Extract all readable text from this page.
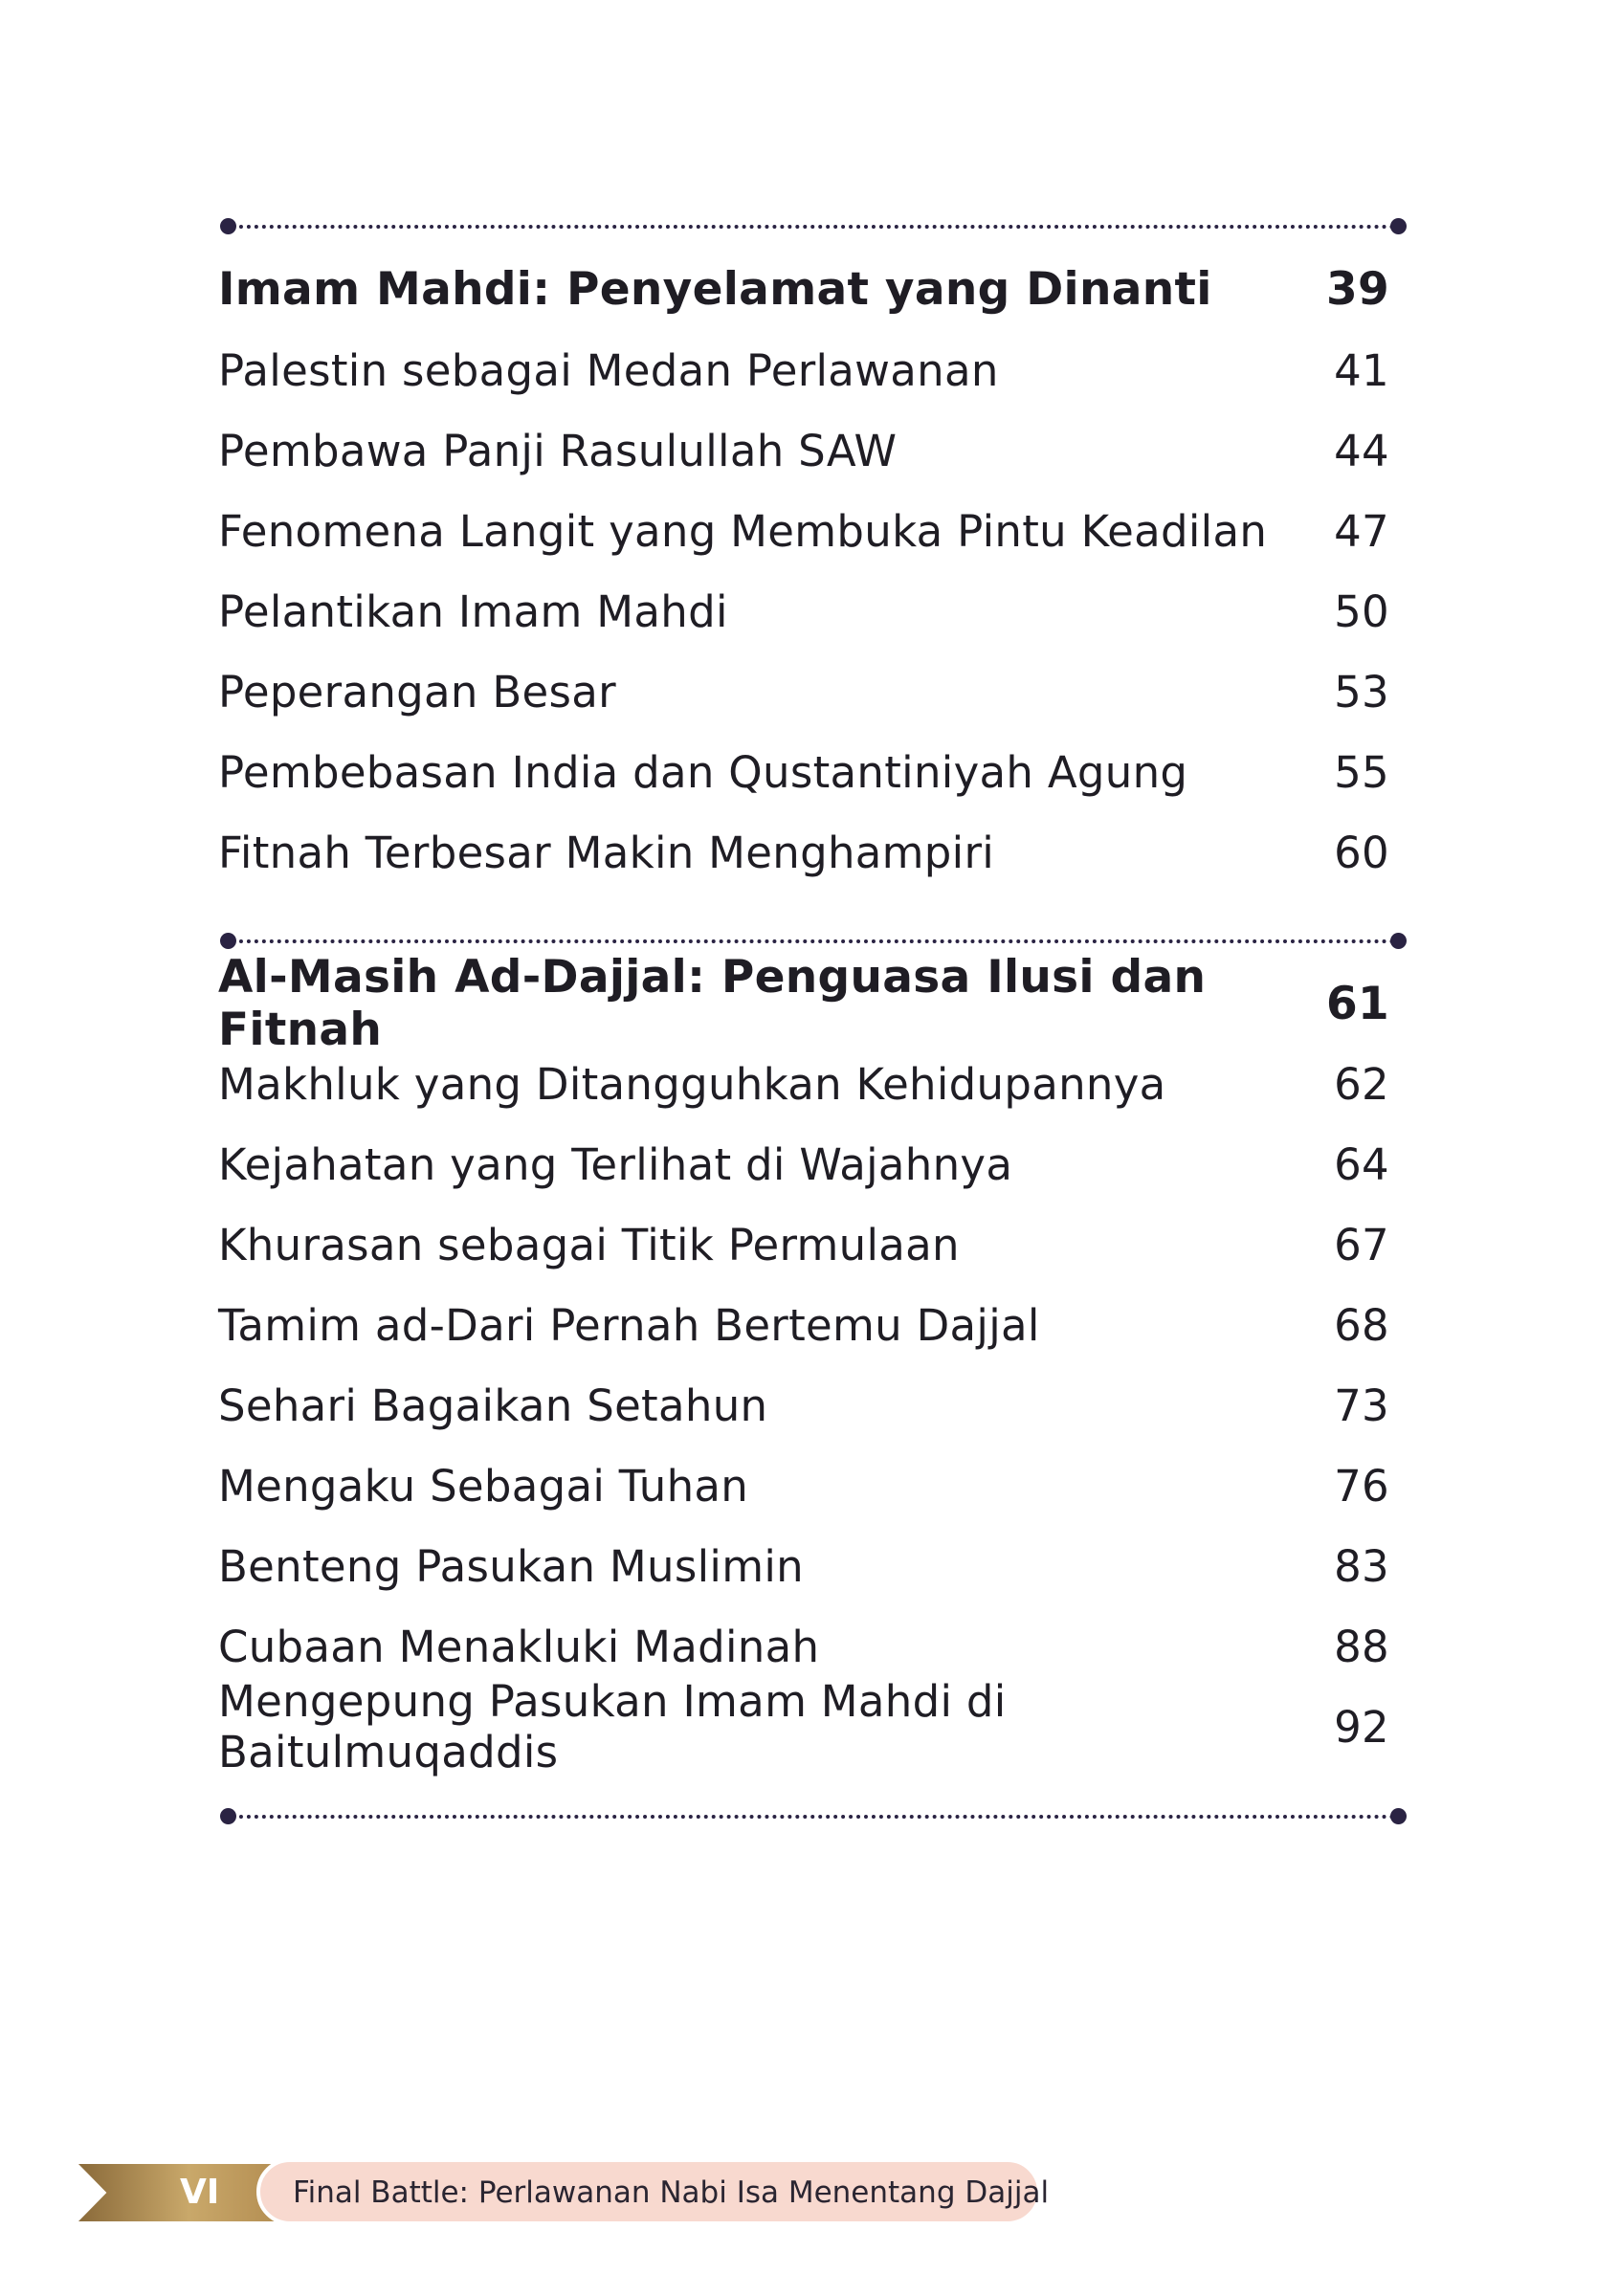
Imam Mahdi: Penyelamat yang Dinanti	39
Palestin sebagai Medan Perlawanan	41
Pembawa Panji Rasulullah SAW	44
Fenomena Langit yang Membuka Pintu Keadilan	47
Pelantikan Imam Mahdi	50
Peperangan Besar	53
Pembebasan India dan Qustantiniyah Agung	55
Fitnah Terbesar Makin Menghampiri	60
Al-Masih Ad-Dajjal: Penguasa Ilusi dan Fitnah	61
Makhluk yang Ditangguhkan Kehidupannya	62
Kejahatan yang Terlihat di Wajahnya	64
Khurasan sebagai Titik Permulaan	67
Tamim ad-Dari Pernah Bertemu Dajjal	68
Sehari Bagaikan Setahun	73
Mengaku Sebagai Tuhan	76
Benteng Pasukan Muslimin	83
Cubaan Menakluki Madinah	88
Mengepung Pasukan Imam Mahdi di Baitulmuqaddis	92
VI	Final Battle: Perlawanan Nabi Isa Menentang Dajjal
